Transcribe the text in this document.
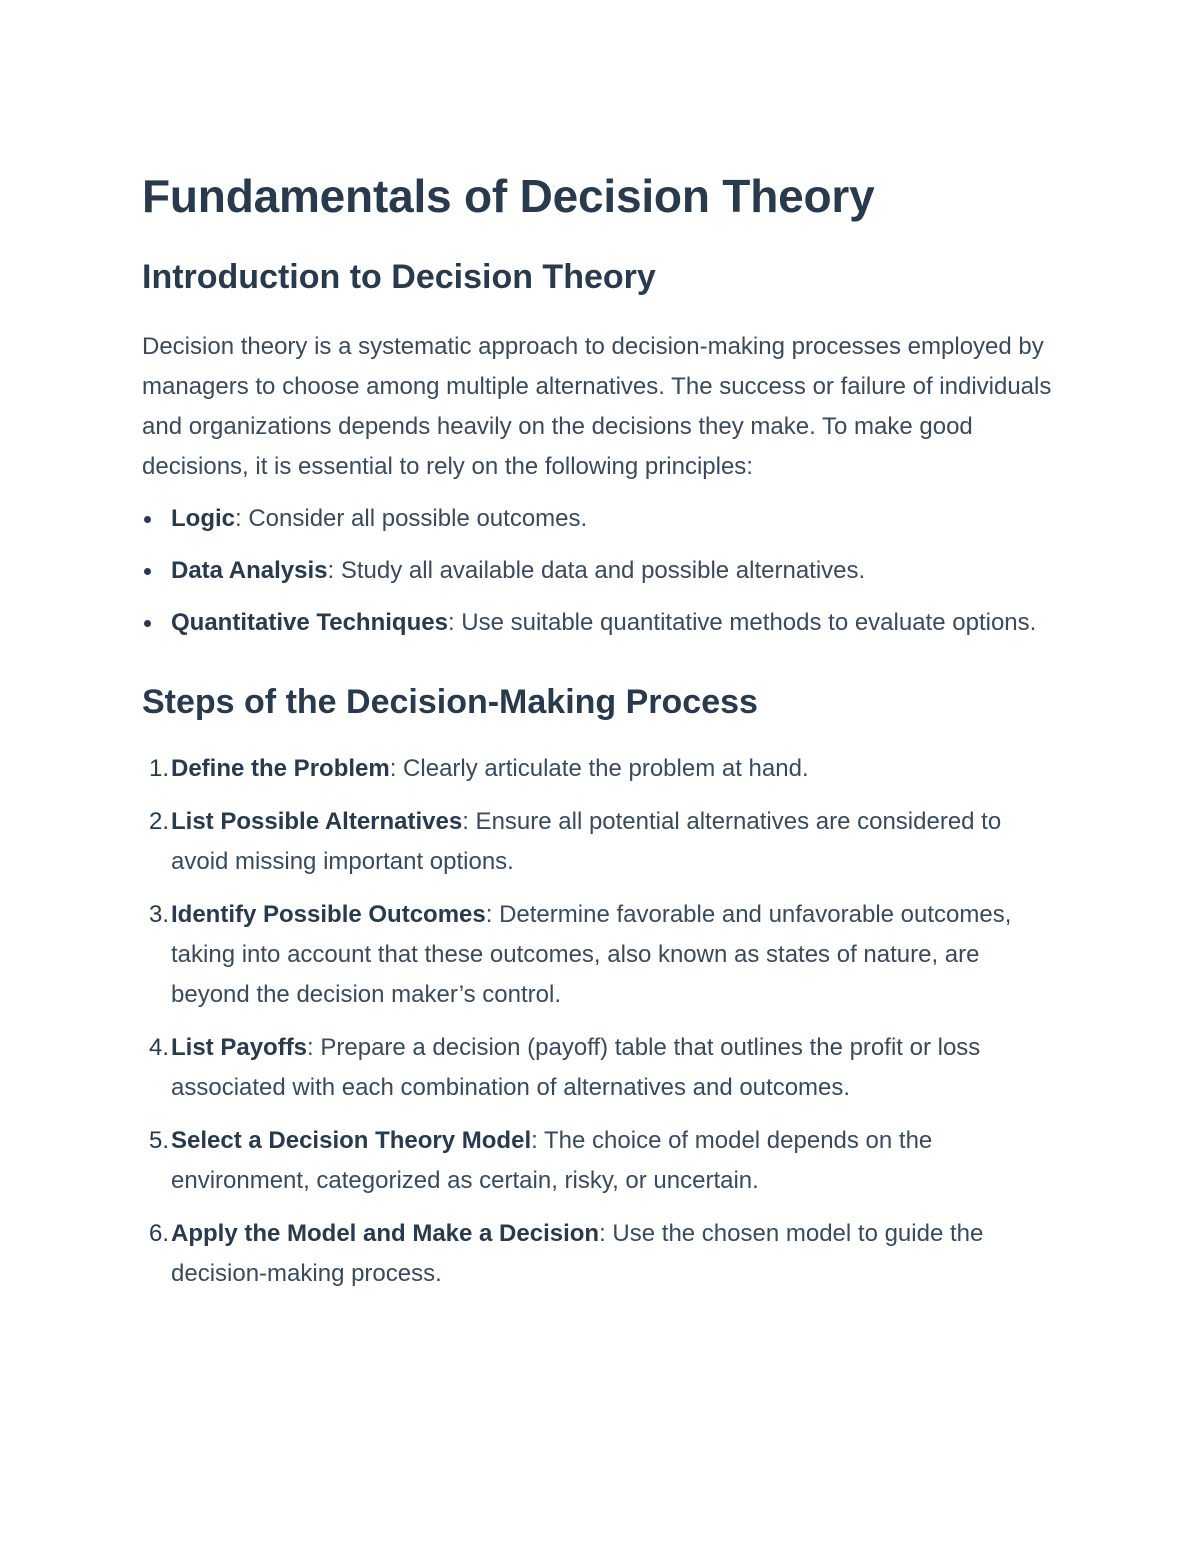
Fundamentals of Decision Theory
Introduction to Decision Theory

Decision theory is a systematic approach to decision-making processes employed by managers to choose among multiple alternatives. The success or failure of individuals and organizations depends heavily on the decisions they make. To make good decisions, it is essential to rely on the following principles:

Logic: Consider all possible outcomes.
Data Analysis: Study all available data and possible alternatives.
Quantitative Techniques: Use suitable quantitative methods to evaluate options.
Steps of the Decision-Making Process
1. Define the Problem: Clearly articulate the problem at hand.
2. List Possible Alternatives: Ensure all potential alternatives are considered to avoid missing important options.
3. Identify Possible Outcomes: Determine favorable and unfavorable outcomes, taking into account that these outcomes, also known as states of nature, are beyond the decision maker’s control.
4. List Payoffs: Prepare a decision (payoff) table that outlines the profit or loss associated with each combination of alternatives and outcomes.
5. Select a Decision Theory Model: The choice of model depends on the environment, categorized as certain, risky, or uncertain.
6. Apply the Model and Make a Decision: Use the chosen model to guide the decision-making process.
